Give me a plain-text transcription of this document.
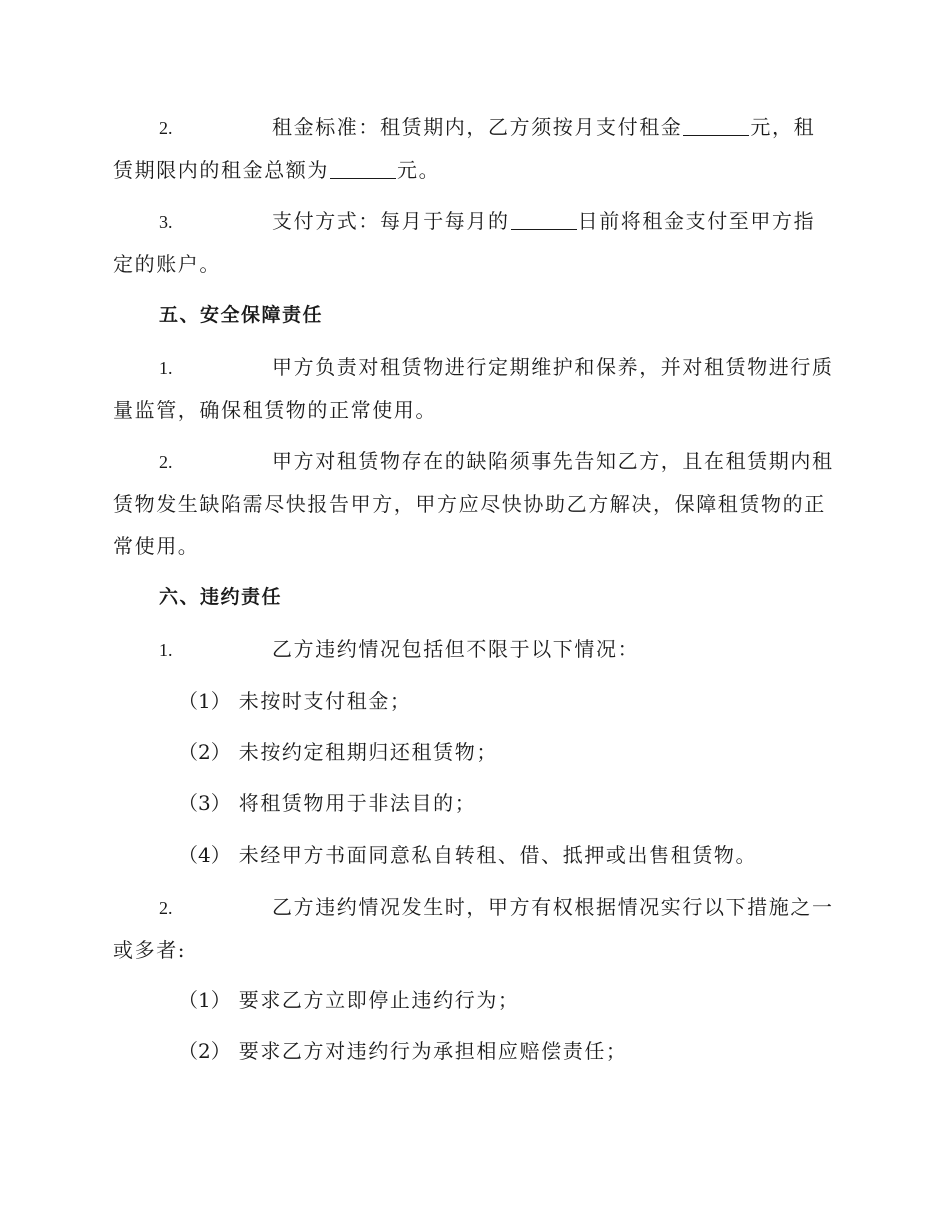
2.	租金标准：租赁期内，乙方须按月支付租金	元，租赁期限内的租金总额为	元。

3.	支付方式：每月于每月的	日前将租金支付至甲方指定的账户。

五、安全保障责任

1.	甲方负责对租赁物进行定期维护和保养，并对租赁物进行质量监管，确保租赁物的正常使用。

2.	甲方对租赁物存在的缺陷须事先告知乙方，且在租赁期内租赁物发生缺陷需尽快报告甲方，甲方应尽快协助乙方解决，保障租赁物的正常使用。

六、违约责任

1.	乙方违约情况包括但不限于以下情况：

（1） 未按时支付租金；

（2） 未按约定租期归还租赁物；

（3） 将租赁物用于非法目的；

（4） 未经甲方书面同意私自转租、借、抵押或出售租赁物。

2.	乙方违约情况发生时，甲方有权根据情况实行以下措施之一或多者:

（1） 要求乙方立即停止违约行为；

（2） 要求乙方对违约行为承担相应赔偿责任；
